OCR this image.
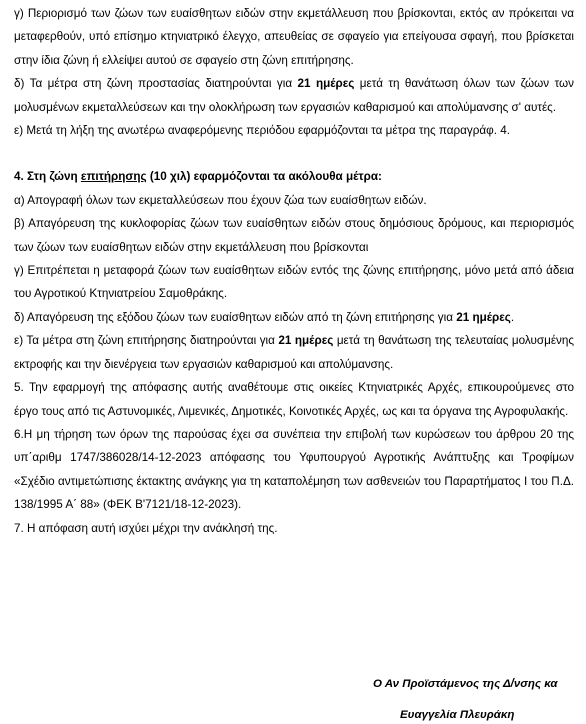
γ) Περιορισμό των ζώων των ευαίσθητων ειδών στην εκμετάλλευση που βρίσκονται, εκτός αν πρόκειται να μεταφερθούν, υπό επίσημο κτηνιατρικό έλεγχο, απευθείας σε σφαγείο για επείγουσα σφαγή, που βρίσκεται στην ίδια ζώνη ή ελλείψει αυτού σε σφαγείο στη ζώνη επιτήρησης.

δ) Τα μέτρα στη ζώνη προστασίας διατηρούνται για 21 ημέρες μετά τη θανάτωση όλων των ζώων των μολυσμένων εκμεταλλεύσεων και την ολοκλήρωση των εργασιών καθαρισμού και απολύμανσης σ' αυτές.

ε) Μετά τη λήξη της ανωτέρω αναφερόμενης περιόδου εφαρμόζονται τα μέτρα της παραγράφ. 4.

4. Στη ζώνη επιτήρησης (10 χιλ) εφαρμόζονται τα ακόλουθα μέτρα:

α) Απογραφή όλων των εκμεταλλεύσεων που έχουν ζώα των ευαίσθητων ειδών.

β) Απαγόρευση της κυκλοφορίας ζώων των ευαίσθητων ειδών στους δημόσιους δρόμους, και περιορισμός των ζώων των ευαίσθητων ειδών στην εκμετάλλευση που βρίσκονται

γ) Επιτρέπεται η μεταφορά ζώων των ευαίσθητων ειδών εντός της ζώνης επιτήρησης, μόνο μετά από άδεια του Αγροτικού Κτηνιατρείου Σαμοθράκης.

δ) Απαγόρευση της εξόδου ζώων των ευαίσθητων ειδών από τη ζώνη επιτήρησης για 21 ημέρες.

ε) Τα μέτρα στη ζώνη επιτήρησης διατηρούνται για 21 ημέρες μετά τη θανάτωση της τελευταίας μολυσμένης εκτροφής και την διενέργεια των εργασιών καθαρισμού και απολύμανσης.

5. Την εφαρμογή της απόφασης αυτής αναθέτουμε στις οικείες Κτηνιατρικές Αρχές, επικουρούμενες στο έργο τους από τις Αστυνομικές, Λιμενικές, Δημοτικές, Κοινοτικές Αρχές, ως και τα όργανα της Αγροφυλακής.

6.Η μη τήρηση των όρων της παρούσας έχει σα συνέπεια την επιβολή των κυρώσεων του άρθρου 20 της υπ΄αριθμ 1747/386028/14-12-2023 απόφασης του Υφυπουργού Αγροτικής Ανάπτυξης και Τροφίμων «Σχέδιο αντιμετώπισης έκτακτης ανάγκης για τη καταπολέμηση των ασθενειών του Παραρτήματος Ι του Π.Δ. 138/1995 Α΄ 88» (ΦΕΚ Β'7121/18-12-2023).

7. Η απόφαση αυτή ισχύει μέχρι την ανάκλησή της.

Ο Αν Προϊστάμενος της Δ/νσης κα
Ευαγγελία Πλευράκη
